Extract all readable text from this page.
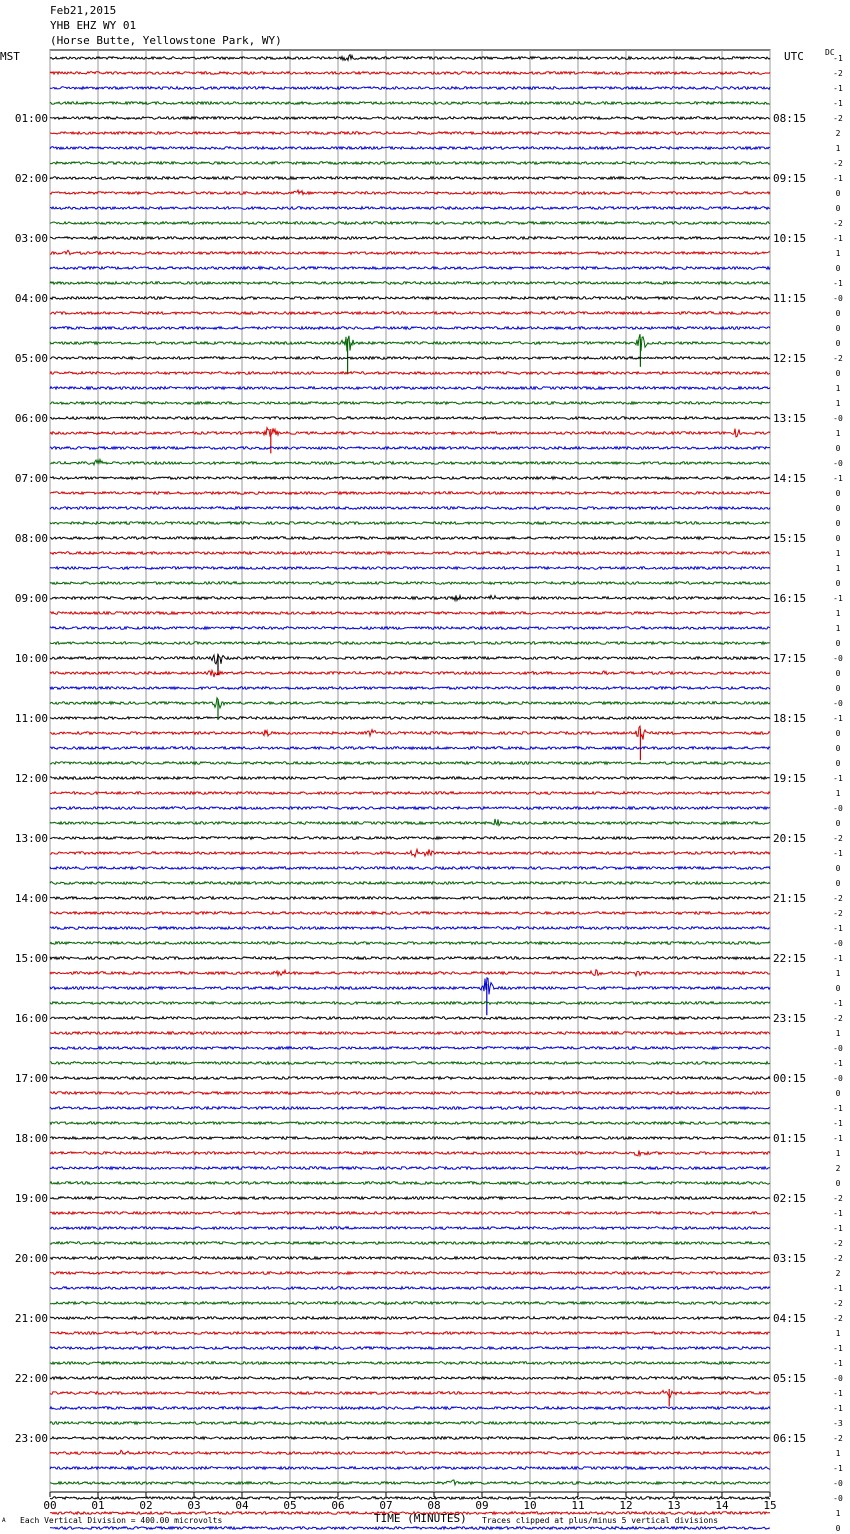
Feb21,2015
YHB EHZ WY 01
(Horse Butte, Yellowstone Park, WY)
MST	UTC	DC
00	01	02	03	04	05	06	07	08	09	10	11	12	13	14	15
-1
-2
-1
-1
-2
2
1
-2
-1
0
0
-2
-1
1
0
-1
-0
0
0
0
-2
0
1
1
-0
1
0
-0
-1
0
0
0
0
1
1
0
-1
1
1
0
-0
0
0
-0
-1
0
0
0
-1
1
-0
0
-2
-1
0
0
-2
-2
-1
-0
-1
1
0
-1
-2
1
-0
-1
-0
0
-1
-1
-1
1
2
0
-2
-1
-1
-2
-2
2
-1
-2
-2
1
-1
-1
-0
-1
-1
-3
-2
1
-1
-0
-0
1
0
01:00
02:00
03:00
04:00
05:00
06:00
07:00
08:00
09:00
10:00
11:00
12:00
13:00
14:00
15:00
16:00
17:00
18:00
19:00
20:00
21:00
22:00
23:00
08:15
09:15
10:15
11:15
12:15
13:15
14:15
15:15
16:15
17:15
18:15
19:15
20:15
21:15
22:15
23:15
00:15
01:15
02:15
03:15
04:15
05:15
06:15
A Each Vertical Division = 400.00 microvolts	TIME (MINUTES) Traces clipped at plus/minus 5 vertical divisions
